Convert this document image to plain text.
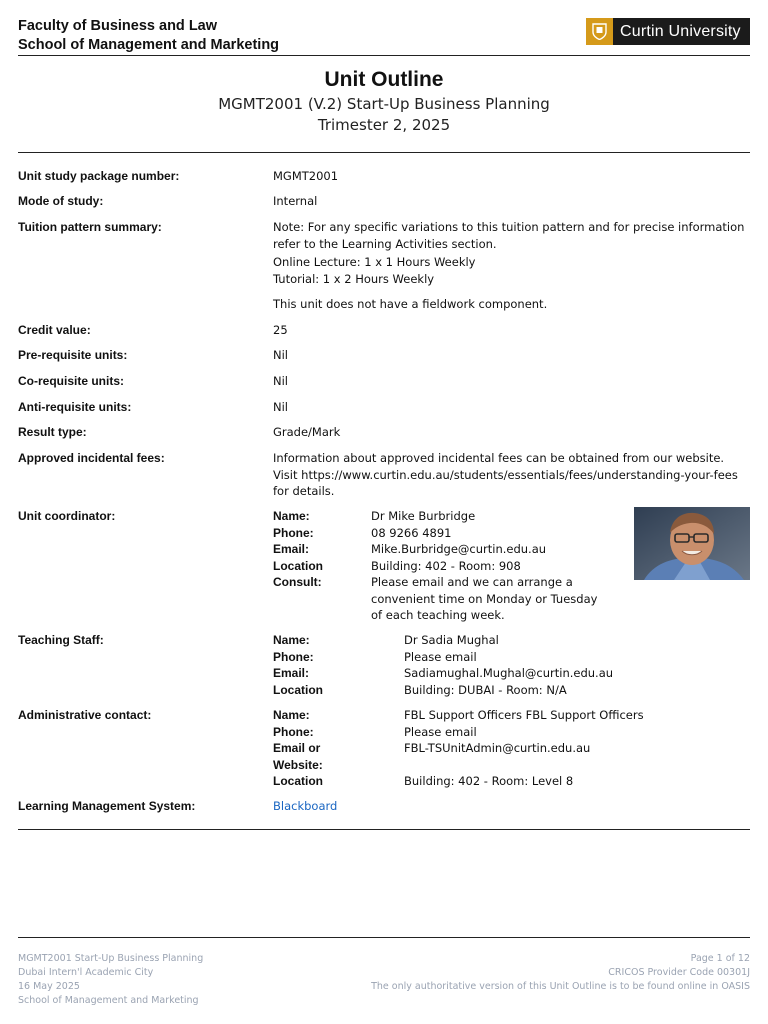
Faculty of Business and Law
School of Management and Marketing
Curtin University
Unit Outline
MGMT2001 (V.2) Start-Up Business Planning
Trimester 2, 2025
Unit study package number:	MGMT2001
Mode of study:	Internal
Tuition pattern summary:	Note: For any specific variations to this tuition pattern and for precise information refer to the Learning Activities section.
Online Lecture: 1 x 1 Hours Weekly
Tutorial: 1 x 2 Hours Weekly
This unit does not have a fieldwork component.
Credit value:	25
Pre-requisite units:	Nil
Co-requisite units:	Nil
Anti-requisite units:	Nil
Result type:	Grade/Mark
Approved incidental fees:	Information about approved incidental fees can be obtained from our website. Visit https://www.curtin.edu.au/students/essentials/fees/understanding-your-fees for details.
Unit coordinator:	Name:	Dr Mike Burbridge
Phone:	08 9266 4891
Email:	Mike.Burbridge@curtin.edu.au
Location	Building: 402 - Room: 908
Consult:	Please email and we can arrange a convenient time on Monday or Tuesday of each teaching week.
Teaching Staff:	Name:	Dr Sadia Mughal
Phone:	Please email
Email:	Sadiamughal.Mughal@curtin.edu.au
Location	Building: DUBAI - Room: N/A
Administrative contact:	Name:	FBL Support Officers FBL Support Officers
Phone:	Please email
Email or	FBL-TSUnitAdmin@curtin.edu.au
Website:
Location	Building: 402 - Room: Level 8
Learning Management System:	Blackboard
MGMT2001 Start-Up Business Planning
Dubai Intern'l Academic City
16 May 2025
School of Management and Marketing
Page 1 of 12
CRICOS Provider Code 00301J
The only authoritative version of this Unit Outline is to be found online in OASIS
